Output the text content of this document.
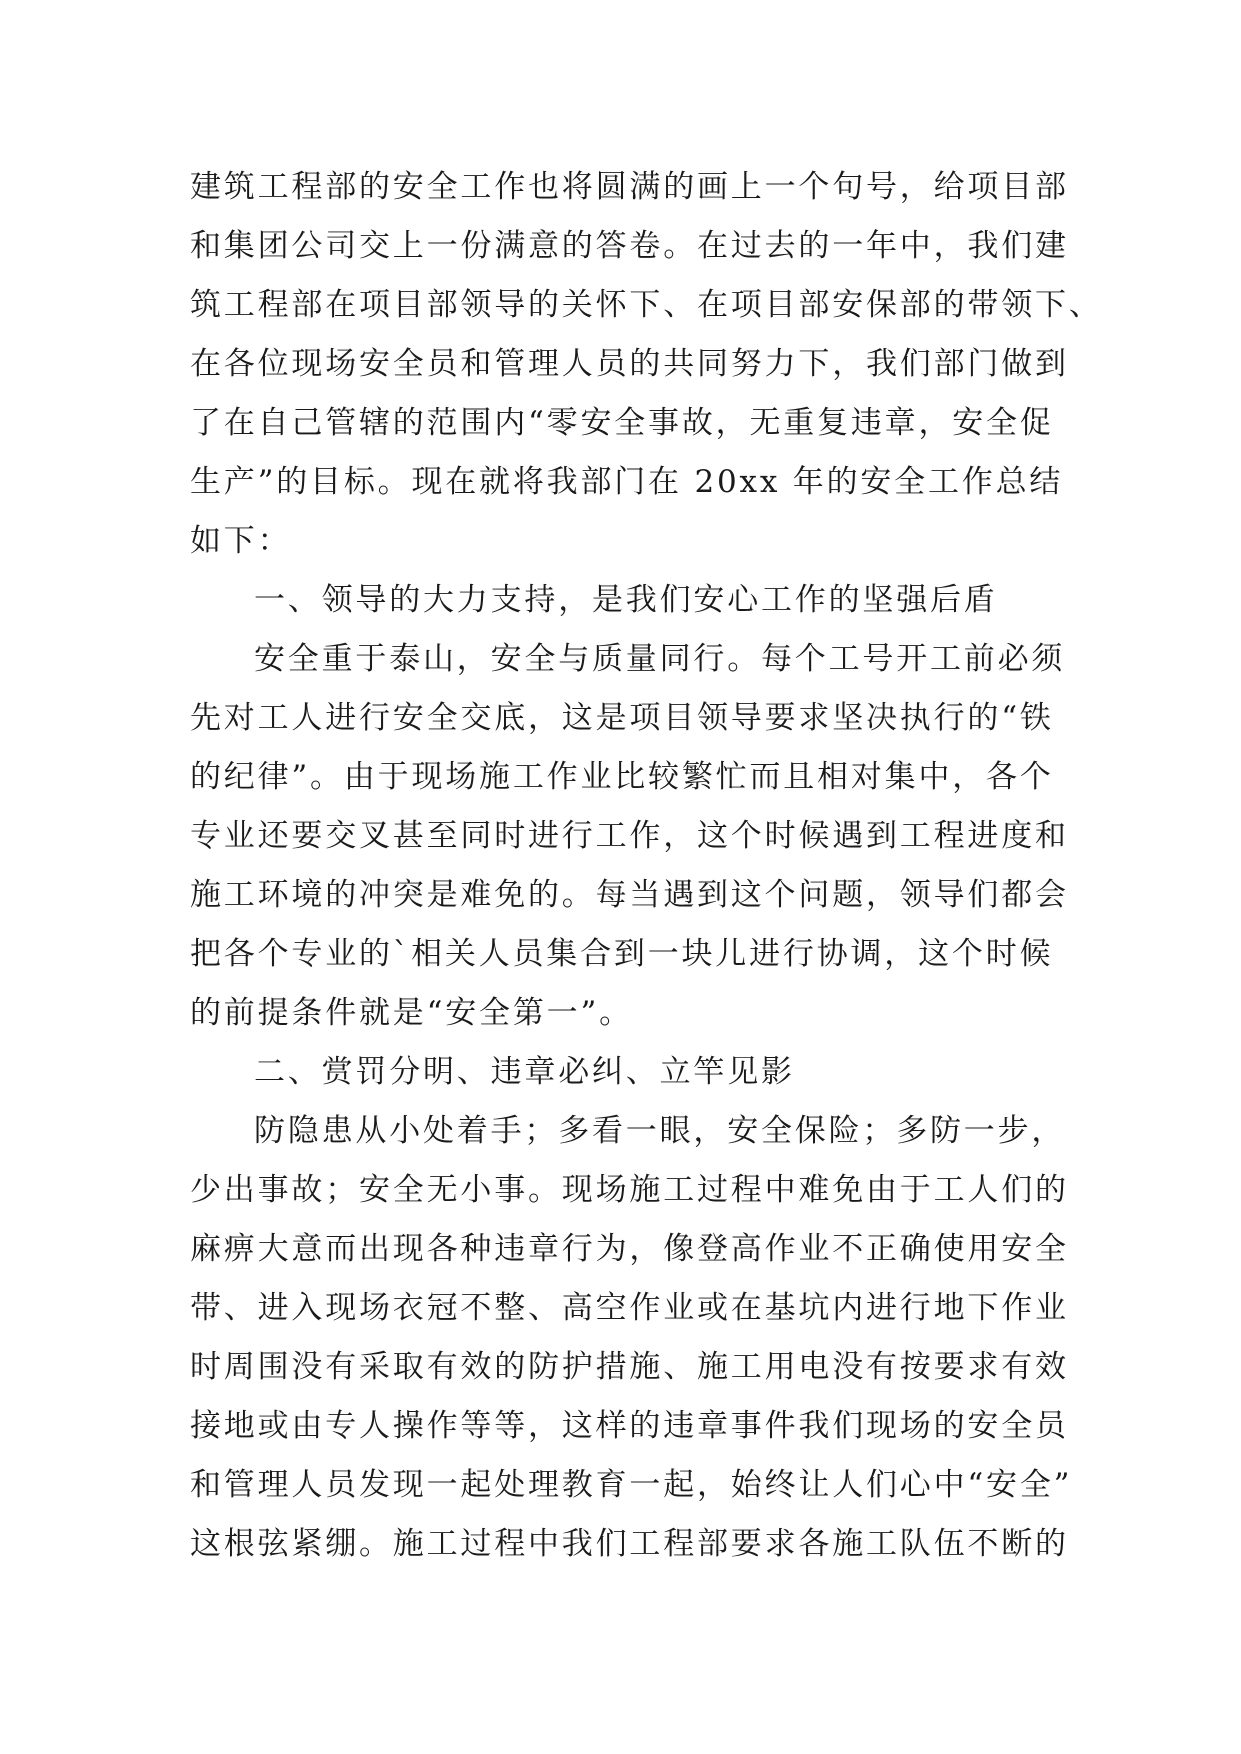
建筑工程部的安全工作也将圆满的画上一个句号，给项目部
和集团公司交上一份满意的答卷。在过去的一年中，我们建
筑工程部在项目部领导的关怀下、在项目部安保部的带领下、
在各位现场安全员和管理人员的共同努力下，我们部门做到
了在自己管辖的范围内“零安全事故，无重复违章，安全促
生产”的目标。现在就将我部门在 20xx 年的安全工作总结
如下：
一、领导的大力支持，是我们安心工作的坚强后盾
安全重于泰山，安全与质量同行。每个工号开工前必须
先对工人进行安全交底，这是项目领导要求坚决执行的“铁
的纪律”。由于现场施工作业比较繁忙而且相对集中，各个
专业还要交叉甚至同时进行工作，这个时候遇到工程进度和
施工环境的冲突是难免的。每当遇到这个问题，领导们都会
把各个专业的`相关人员集合到一块儿进行协调，这个时候
的前提条件就是“安全第一”。
二、赏罚分明、违章必纠、立竿见影
防隐患从小处着手；多看一眼，安全保险；多防一步，
少出事故；安全无小事。现场施工过程中难免由于工人们的
麻痹大意而出现各种违章行为，像登高作业不正确使用安全
带、进入现场衣冠不整、高空作业或在基坑内进行地下作业
时周围没有采取有效的防护措施、施工用电没有按要求有效
接地或由专人操作等等，这样的违章事件我们现场的安全员
和管理人员发现一起处理教育一起，始终让人们心中“安全”
这根弦紧绷。施工过程中我们工程部要求各施工队伍不断的
